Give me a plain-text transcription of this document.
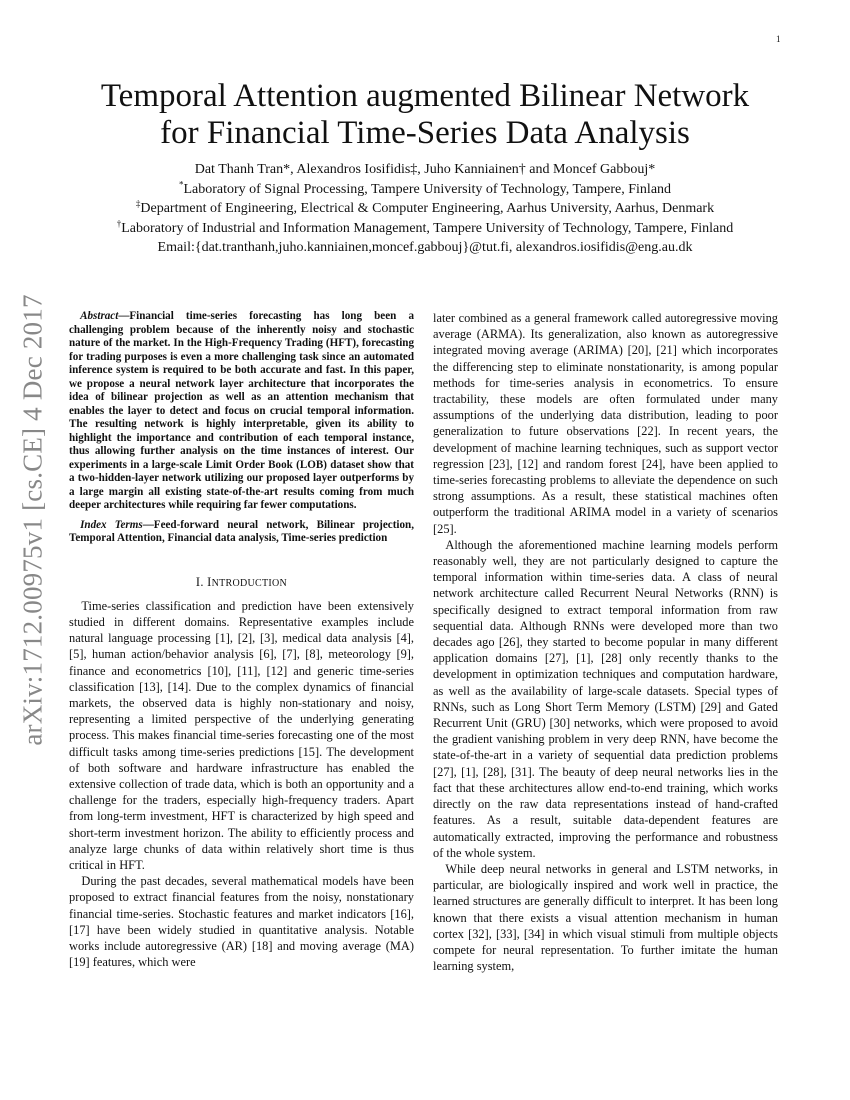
1
arXiv:1712.00975v1 [cs.CE] 4 Dec 2017
Temporal Attention augmented Bilinear Network
for Financial Time-Series Data Analysis
Dat Thanh Tran*, Alexandros Iosifidis‡, Juho Kanniainen† and Moncef Gabbouj*
*Laboratory of Signal Processing, Tampere University of Technology, Tampere, Finland
‡Department of Engineering, Electrical & Computer Engineering, Aarhus University, Aarhus, Denmark
†Laboratory of Industrial and Information Management, Tampere University of Technology, Tampere, Finland
Email:{dat.tranthanh,juho.kanniainen,moncef.gabbouj}@tut.fi, alexandros.iosifidis@eng.au.dk
Abstract—Financial time-series forecasting has long been a challenging problem because of the inherently noisy and stochastic nature of the market. In the High-Frequency Trading (HFT), forecasting for trading purposes is even a more challenging task since an automated inference system is required to be both accurate and fast. In this paper, we propose a neural network layer architecture that incorporates the idea of bilinear projection as well as an attention mechanism that enables the layer to detect and focus on crucial temporal information. The resulting network is highly interpretable, given its ability to highlight the importance and contribution of each temporal instance, thus allowing further analysis on the time instances of interest. Our experiments in a large-scale Limit Order Book (LOB) dataset show that a two-hidden-layer network utilizing our proposed layer outperforms by a large margin all existing state-of-the-art results coming from much deeper architectures while requiring far fewer computations.
Index Terms—Feed-forward neural network, Bilinear projection, Temporal Attention, Financial data analysis, Time-series prediction
I. INTRODUCTION

Time-series classification and prediction have been extensively studied in different domains. Representative examples include natural language processing [1], [2], [3], medical data analysis [4], [5], human action/behavior analysis [6], [7], [8], meteorology [9], finance and econometrics [10], [11], [12] and generic time-series classification [13], [14]. Due to the complex dynamics of financial markets, the observed data is highly non-stationary and noisy, representing a limited perspective of the underlying generating process. This makes financial time-series forecasting one of the most difficult tasks among time-series predictions [15]. The development of both software and hardware infrastructure has enabled the extensive collection of trade data, which is both an opportunity and a challenge for the traders, especially high-frequency traders. Apart from long-term investment, HFT is characterized by high speed and short-term investment horizon. The ability to efficiently process and analyze large chunks of data within relatively short time is thus critical in HFT.

During the past decades, several mathematical models have been proposed to extract financial features from the noisy, nonstationary financial time-series. Stochastic features and market indicators [16], [17] have been widely studied in quantitative analysis. Notable works include autoregressive (AR) [18] and moving average (MA) [19] features, which were

later combined as a general framework called autoregressive moving average (ARMA). Its generalization, also known as autoregressive integrated moving average (ARIMA) [20], [21] which incorporates the differencing step to eliminate nonstationarity, is among popular methods for time-series analysis in econometrics. To ensure tractability, these models are often formulated under many assumptions of the underlying data distribution, leading to poor generalization to future observations [22]. In recent years, the development of machine learning techniques, such as support vector regression [23], [12] and random forest [24], have been applied to time-series forecasting problems to alleviate the dependence on such strong assumptions. As a result, these statistical machines often outperform the traditional ARIMA model in a variety of scenarios [25].

Although the aforementioned machine learning models perform reasonably well, they are not particularly designed to capture the temporal information within time-series data. A class of neural network architecture called Recurrent Neural Networks (RNN) is specifically designed to extract temporal information from raw sequential data. Although RNNs were developed more than two decades ago [26], they started to become popular in many different application domains [27], [1], [28] only recently thanks to the development in optimization techniques and computation hardware, as well as the availability of large-scale datasets. Special types of RNNs, such as Long Short Term Memory (LSTM) [29] and Gated Recurrent Unit (GRU) [30] networks, which were proposed to avoid the gradient vanishing problem in very deep RNN, have become the state-of-the-art in a variety of sequential data prediction problems [27], [1], [28], [31]. The beauty of deep neural networks lies in the fact that these architectures allow end-to-end training, which works directly on the raw data representations instead of hand-crafted features. As a result, suitable data-dependent features are automatically extracted, improving the performance and robustness of the whole system.

While deep neural networks in general and LSTM networks, in particular, are biologically inspired and work well in practice, the learned structures are generally difficult to interpret. It has been long known that there exists a visual attention mechanism in human cortex [32], [33], [34] in which visual stimuli from multiple objects compete for neural representation. To further imitate the human learning system,
